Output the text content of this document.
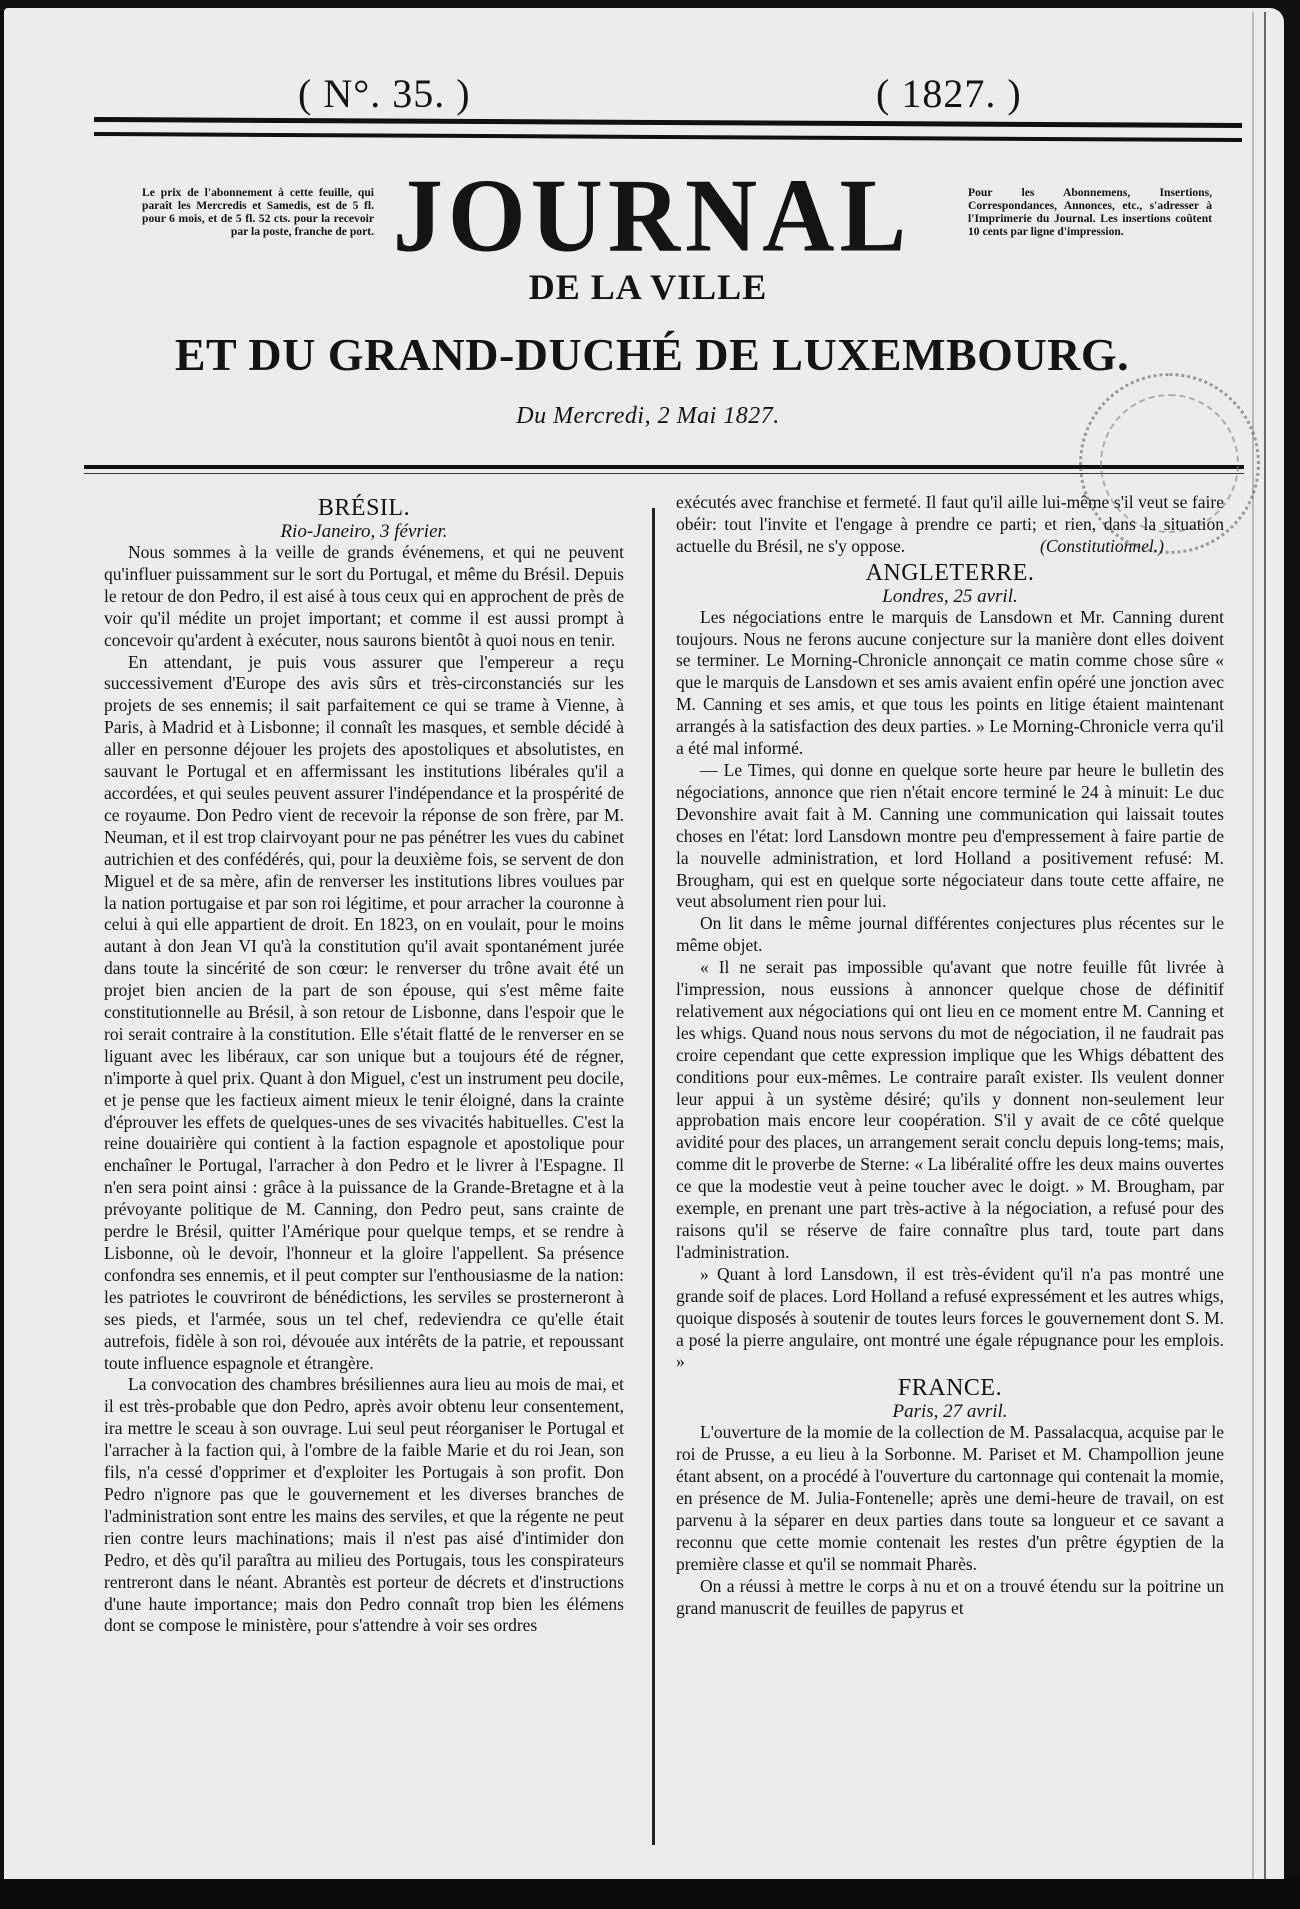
( N°. 35. )	( 1827. )
Le prix de l'abonnement à cette feuille, qui paraît les Mercredis et Samedis, est de 5 fl. pour 6 mois, et de 5 fl. 52 cts. pour la recevoir par la poste, franche de port.
Pour les Abonnemens, Insertions, Correspondances, Annonces, etc., s'adresser à l'Imprimerie du Journal. Les insertions coûtent 10 cents par ligne d'impression.
JOURNAL
DE LA VILLE
ET DU GRAND-DUCHÉ DE LUXEMBOURG.
Du Mercredi, 2 Mai 1827.
BRÉSIL.
Rio-Janeiro, 3 février.

Nous sommes à la veille de grands événemens, et qui ne peuvent qu'influer puissamment sur le sort du Portugal, et même du Brésil. Depuis le retour de don Pedro, il est aisé à tous ceux qui en approchent de près de voir qu'il médite un projet important; et comme il est aussi prompt à concevoir qu'ardent à exécuter, nous saurons bientôt à quoi nous en tenir.

En attendant, je puis vous assurer que l'empereur a reçu successivement d'Europe des avis sûrs et très-circonstanciés sur les projets de ses ennemis; il sait parfaitement ce qui se trame à Vienne, à Paris, à Madrid et à Lisbonne; il connaît les masques, et semble décidé à aller en personne déjouer les projets des apostoliques et absolutistes, en sauvant le Portugal et en affermissant les institutions libérales qu'il a accordées, et qui seules peuvent assurer l'indépendance et la prospérité de ce royaume. Don Pedro vient de recevoir la réponse de son frère, par M. Neuman, et il est trop clairvoyant pour ne pas pénétrer les vues du cabinet autrichien et des confédérés, qui, pour la deuxième fois, se servent de don Miguel et de sa mère, afin de renverser les institutions libres voulues par la nation portugaise et par son roi légitime, et pour arracher la couronne à celui à qui elle appartient de droit. En 1823, on en voulait, pour le moins autant à don Jean VI qu'à la constitution qu'il avait spontanément jurée dans toute la sincérité de son cœur: le renverser du trône avait été un projet bien ancien de la part de son épouse, qui s'est même faite constitutionnelle au Brésil, à son retour de Lisbonne, dans l'espoir que le roi serait contraire à la constitution. Elle s'était flatté de le renverser en se liguant avec les libéraux, car son unique but a toujours été de régner, n'importe à quel prix. Quant à don Miguel, c'est un instrument peu docile, et je pense que les factieux aiment mieux le tenir éloigné, dans la crainte d'éprouver les effets de quelques-unes de ses vivacités habituelles. C'est la reine douairière qui contient à la faction espagnole et apostolique pour enchaîner le Portugal, l'arracher à don Pedro et le livrer à l'Espagne. Il n'en sera point ainsi : grâce à la puissance de la Grande-Bretagne et à la prévoyante politique de M. Canning, don Pedro peut, sans crainte de perdre le Brésil, quitter l'Amérique pour quelque temps, et se rendre à Lisbonne, où le devoir, l'honneur et la gloire l'appellent. Sa présence confondra ses ennemis, et il peut compter sur l'enthousiasme de la nation: les patriotes le couvriront de bénédictions, les serviles se prosterneront à ses pieds, et l'armée, sous un tel chef, redeviendra ce qu'elle était autrefois, fidèle à son roi, dévouée aux intérêts de la patrie, et repoussant toute influence espagnole et étrangère.

La convocation des chambres brésiliennes aura lieu au mois de mai, et il est très-probable que don Pedro, après avoir obtenu leur consentement, ira mettre le sceau à son ouvrage. Lui seul peut réorganiser le Portugal et l'arracher à la faction qui, à l'ombre de la faible Marie et du roi Jean, son fils, n'a cessé d'opprimer et d'exploiter les Portugais à son profit. Don Pedro n'ignore pas que le gouvernement et les diverses branches de l'administration sont entre les mains des serviles, et que la régente ne peut rien contre leurs machinations; mais il n'est pas aisé d'intimider don Pedro, et dès qu'il paraîtra au milieu des Portugais, tous les conspirateurs rentreront dans le néant. Abrantès est porteur de décrets et d'instructions d'une haute importance; mais don Pedro connaît trop bien les élémens dont se compose le ministère, pour s'attendre à voir ses ordres

exécutés avec franchise et fermeté. Il faut qu'il aille lui-même s'il veut se faire obéir: tout l'invite et l'engage à prendre ce parti; et rien, dans la situation actuelle du Brésil, ne s'y oppose.	(Constitutionnel.)
ANGLETERRE.
Londres, 25 avril.

Les négociations entre le marquis de Lansdown et Mr. Canning durent toujours. Nous ne ferons aucune conjecture sur la manière dont elles doivent se terminer. Le Morning-Chronicle annonçait ce matin comme chose sûre « que le marquis de Lansdown et ses amis avaient enfin opéré une jonction avec M. Canning et ses amis, et que tous les points en litige étaient maintenant arrangés à la satisfaction des deux parties. » Le Morning-Chronicle verra qu'il a été mal informé.

— Le Times, qui donne en quelque sorte heure par heure le bulletin des négociations, annonce que rien n'était encore terminé le 24 à minuit: Le duc Devonshire avait fait à M. Canning une communication qui laissait toutes choses en l'état: lord Lansdown montre peu d'empressement à faire partie de la nouvelle administration, et lord Holland a positivement refusé: M. Brougham, qui est en quelque sorte négociateur dans toute cette affaire, ne veut absolument rien pour lui.

On lit dans le même journal différentes conjectures plus récentes sur le même objet.

« Il ne serait pas impossible qu'avant que notre feuille fût livrée à l'impression, nous eussions à annoncer quelque chose de définitif relativement aux négociations qui ont lieu en ce moment entre M. Canning et les whigs. Quand nous nous servons du mot de négociation, il ne faudrait pas croire cependant que cette expression implique que les Whigs débattent des conditions pour eux-mêmes. Le contraire paraît exister. Ils veulent donner leur appui à un système désiré; qu'ils y donnent non-seulement leur approbation mais encore leur coopération. S'il y avait de ce côté quelque avidité pour des places, un arrangement serait conclu depuis long-tems; mais, comme dit le proverbe de Sterne: « La libéralité offre les deux mains ouvertes ce que la modestie veut à peine toucher avec le doigt. » M. Brougham, par exemple, en prenant une part très-active à la négociation, a refusé pour des raisons qu'il se réserve de faire connaître plus tard, toute part dans l'administration.

» Quant à lord Lansdown, il est très-évident qu'il n'a pas montré une grande soif de places. Lord Holland a refusé expressément et les autres whigs, quoique disposés à soutenir de toutes leurs forces le gouvernement dont S. M. a posé la pierre angulaire, ont montré une égale répugnance pour les emplois. »

FRANCE.
Paris, 27 avril.

L'ouverture de la momie de la collection de M. Passalacqua, acquise par le roi de Prusse, a eu lieu à la Sorbonne. M. Pariset et M. Champollion jeune étant absent, on a procédé à l'ouverture du cartonnage qui contenait la momie, en présence de M. Julia-Fontenelle; après une demi-heure de travail, on est parvenu à la séparer en deux parties dans toute sa longueur et ce savant a reconnu que cette momie contenait les restes d'un prêtre égyptien de la première classe et qu'il se nommait Pharès.

On a réussi à mettre le corps à nu et on a trouvé étendu sur la poitrine un grand manuscrit de feuilles de papyrus et
